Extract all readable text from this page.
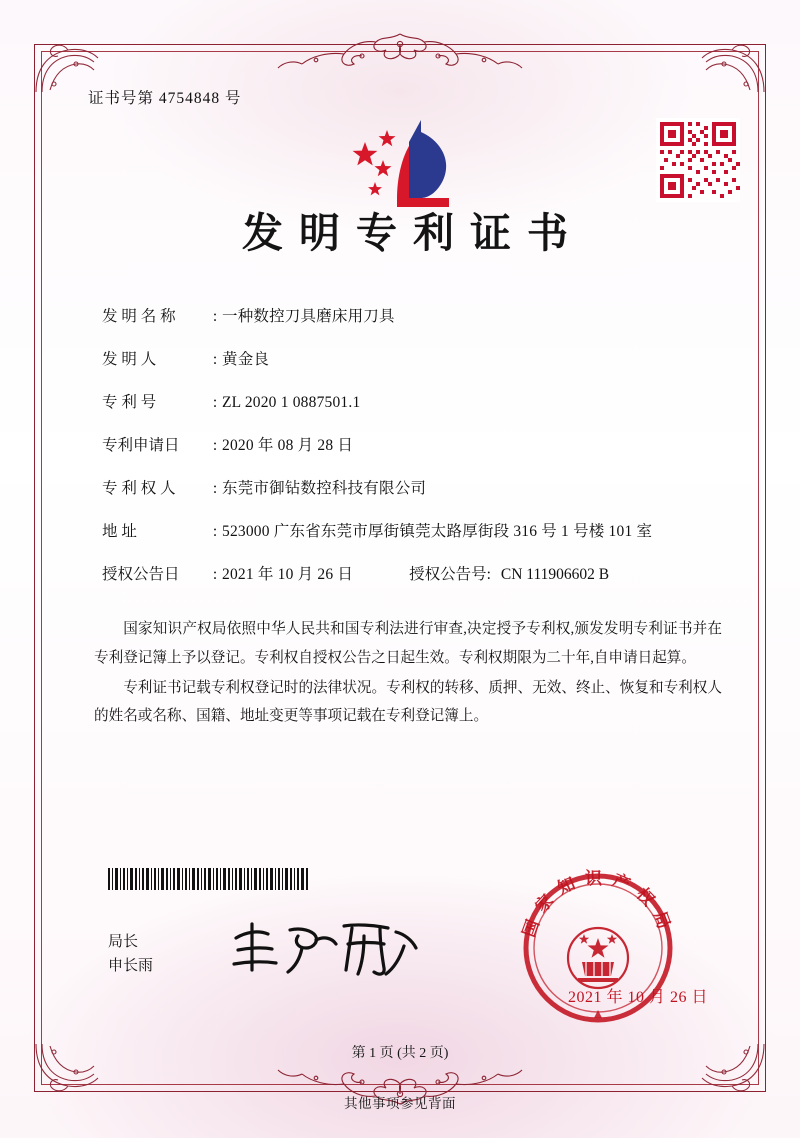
证书号第 4754848 号
发明专利证书
发 明 名 称	: 一种数控刀具磨床用刀具
发 明 人	: 黄金良
专 利 号	: ZL 2020 1 0887501.1
专利申请日	: 2020 年 08 月 28 日
专 利 权 人	: 东莞市御钻数控科技有限公司
地 址	: 523000 广东省东莞市厚街镇莞太路厚街段 316 号 1 号楼 101 室
授权公告日	: 2021 年 10 月 26 日	授权公告号: CN 111906602 B

国家知识产权局依照中华人民共和国专利法进行审查,决定授予专利权,颁发发明专利证书并在专利登记簿上予以登记。专利权自授权公告之日起生效。专利权期限为二十年,自申请日起算。

专利证书记载专利权登记时的法律状况。专利权的转移、质押、无效、终止、恢复和专利权人的姓名或名称、国籍、地址变更等事项记载在专利登记簿上。

局长
申长雨
国家知识产权局
2021 年 10 月 26 日
第 1 页 (共 2 页)
其他事项参见背面
